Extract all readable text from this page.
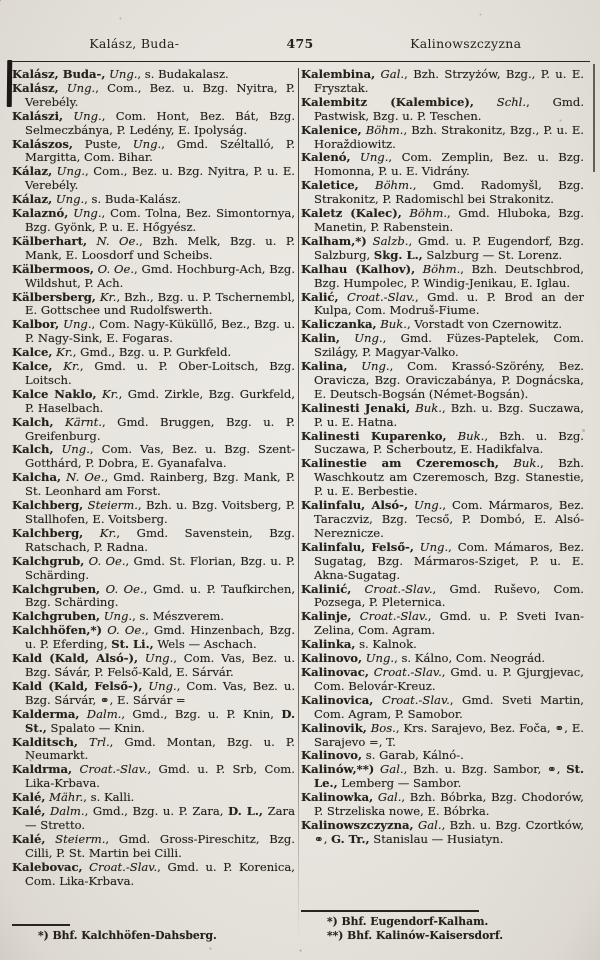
Kalász, Buda-	475	Kalinowszczyzna

Kalász, Buda-, Ung., s. Budakalasz.

Kalász, Ung., Com., Bez. u. Bzg. Nyitra, P. Verebély.

Kalászi, Ung., Com. Hont, Bez. Bát, Bzg. Selmeczbánya, P. Ledény, E. Ipolyság.

Kalászos, Puste, Ung., Gmd. Széltalló, P. Margitta, Com. Bihar.

Kálaz, Ung., Com., Bez. u. Bzg. Nyitra, P. u. E. Verebély.

Kálaz, Ung., s. Buda-Kalász.

Kalaznó, Ung., Com. Tolna, Bez. Simontornya, Bzg. Gyönk, P. u. E. Hőgyész.

Kälberhart, N. Oe., Bzh. Melk, Bzg. u. P. Mank, E. Loosdorf und Scheibs.

Kälbermoos, O. Oe., Gmd. Hochburg-Ach, Bzg. Wildshut, P. Ach.

Kälbersberg, Kr., Bzh., Bzg. u. P. Tschernembl, E. Gottschee und Rudolfswerth.

Kalbor, Ung., Com. Nagy-Küküllő, Bez., Bzg. u. P. Nagy-Sink, E. Fogaras.

Kalce, Kr., Gmd., Bzg. u. P. Gurkfeld.

Kalce, Kr., Gmd. u. P. Ober-Loitsch, Bzg. Loitsch.

Kalce Naklo, Kr., Gmd. Zirkle, Bzg. Gurkfeld, P. Haselbach.

Kalch, Kärnt., Gmd. Bruggen, Bzg. u. P. Greifenburg.

Kalch, Ung., Com. Vas, Bez. u. Bzg. Szent-Gotthárd, P. Dobra, E. Gyanafalva.

Kalcha, N. Oe., Gmd. Rainberg, Bzg. Mank, P. St. Leonhard am Forst.

Kalchberg, Steierm., Bzh. u. Bzg. Voitsberg, P. Stallhofen, E. Voitsberg.

Kalchberg, Kr., Gmd. Savenstein, Bzg. Ratschach, P. Radna.

Kalchgrub, O. Oe., Gmd. St. Florian, Bzg. u. P. Schärding.

Kalchgruben, O. Oe., Gmd. u. P. Taufkirchen, Bzg. Schärding.

Kalchgruben, Ung., s. Mészverem.

Kalchhöfen,*) O. Oe., Gmd. Hinzenbach, Bzg. u. P. Eferding, St. Li., Wels — Aschach.

Kald (Kald, Alsó-), Ung., Com. Vas, Bez. u. Bzg. Sávár, P. Felső-Kald, E. Sárvár.

Kald (Kald, Felső-), Ung., Com. Vas, Bez. u. Bzg. Sárvár, ⚭, E. Sárvár =

Kalderma, Dalm., Gmd., Bzg. u. P. Knin, D. St., Spalato — Knin.

Kalditsch, Trl., Gmd. Montan, Bzg. u. P. Neumarkt.

Kaldrma, Croat.-Slav., Gmd. u. P. Srb, Com. Lika-Krbava.

Kalé, Mähr., s. Kalli.

Kalé, Dalm., Gmd., Bzg. u. P. Zara, D. L., Zara — Stretto.

Kalé, Steierm., Gmd. Gross-Pireschitz, Bzg. Cilli, P. St. Martin bei Cilli.

Kalebovac, Croat.-Slav., Gmd. u. P. Korenica, Com. Lika-Krbava.

*) Bhf. Kalchhöfen-Dahsberg.

Kalembina, Gal., Bzh. Strzyżów, Bzg., P. u. E. Frysztak.

Kalembitz (Kalembice), Schl., Gmd. Pastwisk, Bzg. u. P. Teschen.

Kalenice, Böhm., Bzh. Strakonitz, Bzg., P. u. E. Horaždiowitz.

Kalenó, Ung., Com. Zemplin, Bez. u. Bzg. Homonna, P. u. E. Vidrány.

Kaletice, Böhm., Gmd. Radomyšl, Bzg. Strakonitz, P. Radomischl bei Strakonitz.

Kaletz (Kalec), Böhm., Gmd. Hluboka, Bzg. Manetin, P. Rabenstein.

Kalham,*) Salzb., Gmd. u. P. Eugendorf, Bzg. Salzburg, Skg. L., Salzburg — St. Lorenz.

Kalhau (Kalhov), Böhm., Bzh. Deutschbrod, Bzg. Humpolec, P. Windig-Jenikau, E. Iglau.

Kalić, Croat.-Slav., Gmd. u. P. Brod an der Kulpa, Com. Modruš-Fiume.

Kaliczanka, Buk., Vorstadt von Czernowitz.

Kalin, Ung., Gmd. Füzes-Paptelek, Com. Szilágy, P. Magyar-Valko.

Kalina, Ung., Com. Krassó-Szörény, Bez. Oravicza, Bzg. Oraviczabánya, P. Dognácska, E. Deutsch-Bogsán (Német-Bogsán).

Kalinesti Jenaki, Buk., Bzh. u. Bzg. Suczawa, P. u. E. Hatna.

Kalinesti Kuparenko, Buk., Bzh. u. Bzg. Suczawa, P. Scherboutz, E. Hadikfalva.

Kalinestie am Czeremosch, Buk., Bzh. Waschkoutz am Czeremosch, Bzg. Stanestie, P. u. E. Berbestie.

Kalinfalu, Alsó-, Ung., Com. Mármaros, Bez. Taraczviz, Bzg. Tecső, P. Dombó, E. Alsó-Nereznicze.

Kalinfalu, Felső-, Ung., Com. Mámaros, Bez. Sugatag, Bzg. Mármaros-Sziget, P. u. E. Akna-Sugatag.

Kalinić, Croat.-Slav., Gmd. Ruševo, Com. Pozsega, P. Pleternica.

Kalinje, Croat.-Slav., Gmd. u. P. Sveti Ivan-Zelina, Com. Agram.

Kalinka, s. Kalnok.

Kalinovo, Ung., s. Kálno, Com. Neográd.

Kalinovac, Croat.-Slav., Gmd. u. P. Gjurgjevac, Com. Belovár-Kreuz.

Kalinovica, Croat.-Slav., Gmd. Sveti Martin, Com. Agram, P. Samobor.

Kalinovik, Bos., Krs. Sarajevo, Bez. Foča, ⚭, E. Sarajevo =, T.

Kalinovo, s. Garab, Kálnó-.

Kalinów,**) Gal., Bzh. u. Bzg. Sambor, ⚭, St. Le., Lemberg — Sambor.

Kalinowka, Gal., Bzh. Bóbrka, Bzg. Chodorów, P. Strzeliska nowe, E. Bóbrka.

Kalinowszczyzna, Gal., Bzh. u. Bzg. Czortków, ⚭, G. Tr., Stanislau — Husiatyn.

*) Bhf. Eugendorf-Kalham.

**) Bhf. Kalinów-Kaisersdorf.
